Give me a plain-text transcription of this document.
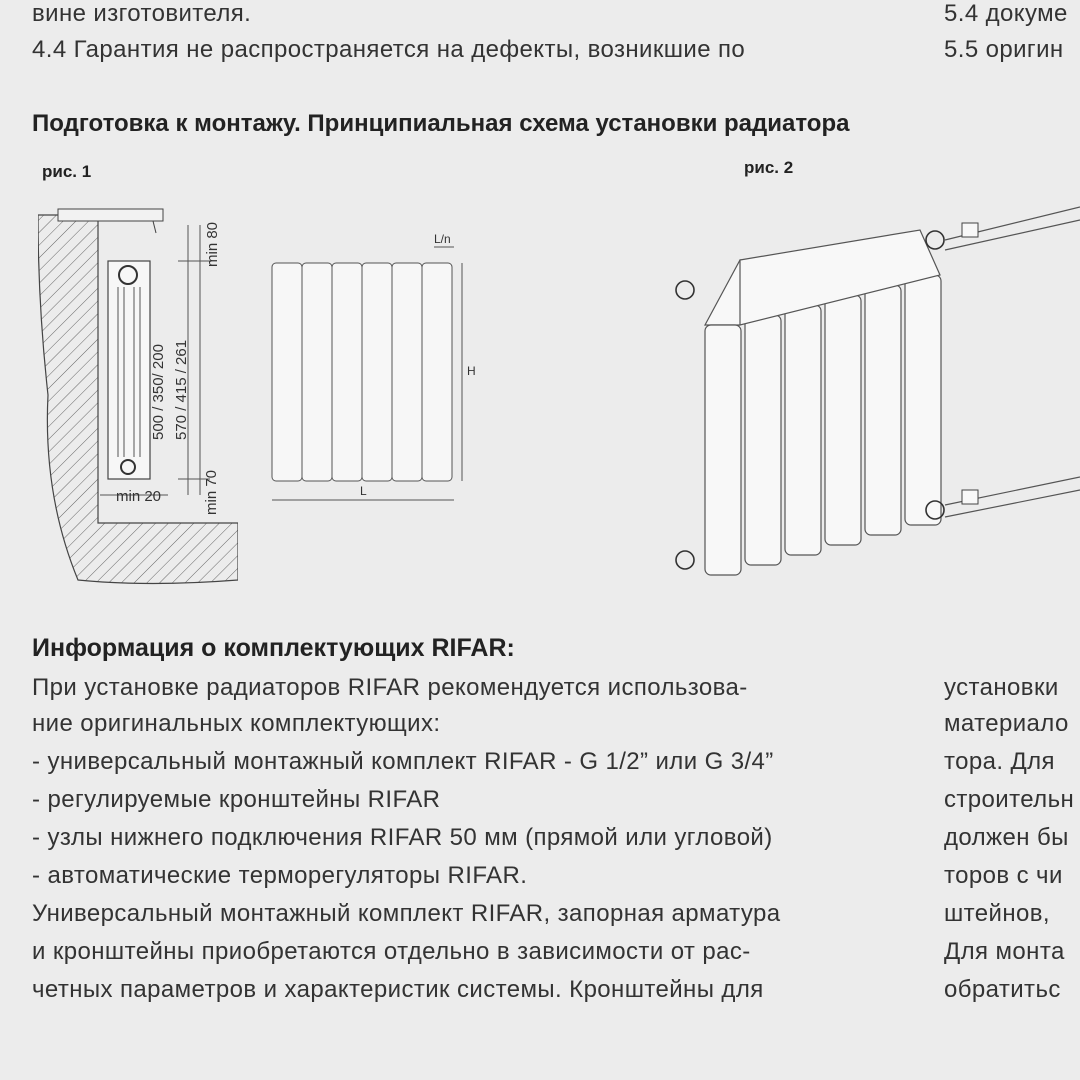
вине изготовителя.
4.4 Гарантия не распространяется на дефекты, возникшие по
5.4 докуме
5.5 оригин
Подготовка к монтажу. Принципиальная схема установки радиатора
рис. 1	рис. 2
min 80
500 / 350/ 200 570 / 415 / 261
min 70
min 20
L/n
H
L
Информация о комплектующих RIFAR:
При установке радиаторов RIFAR рекомендуется использова-
ние оригинальных комплектующих:
- универсальный монтажный комплект RIFAR - G 1/2” или G 3/4”
- регулируемые кронштейны RIFAR
- узлы нижнего подключения RIFAR 50 мм (прямой или угловой)
- автоматические терморегуляторы RIFAR.
Универсальный монтажный комплект RIFAR, запорная арматура
и кронштейны приобретаются отдельно в зависимости от рас-
четных параметров и характеристик системы. Кронштейны для
установки
материало
тора. Для
строительн
должен бы
торов с чи
штейнов,
Для монта
обратитьс
